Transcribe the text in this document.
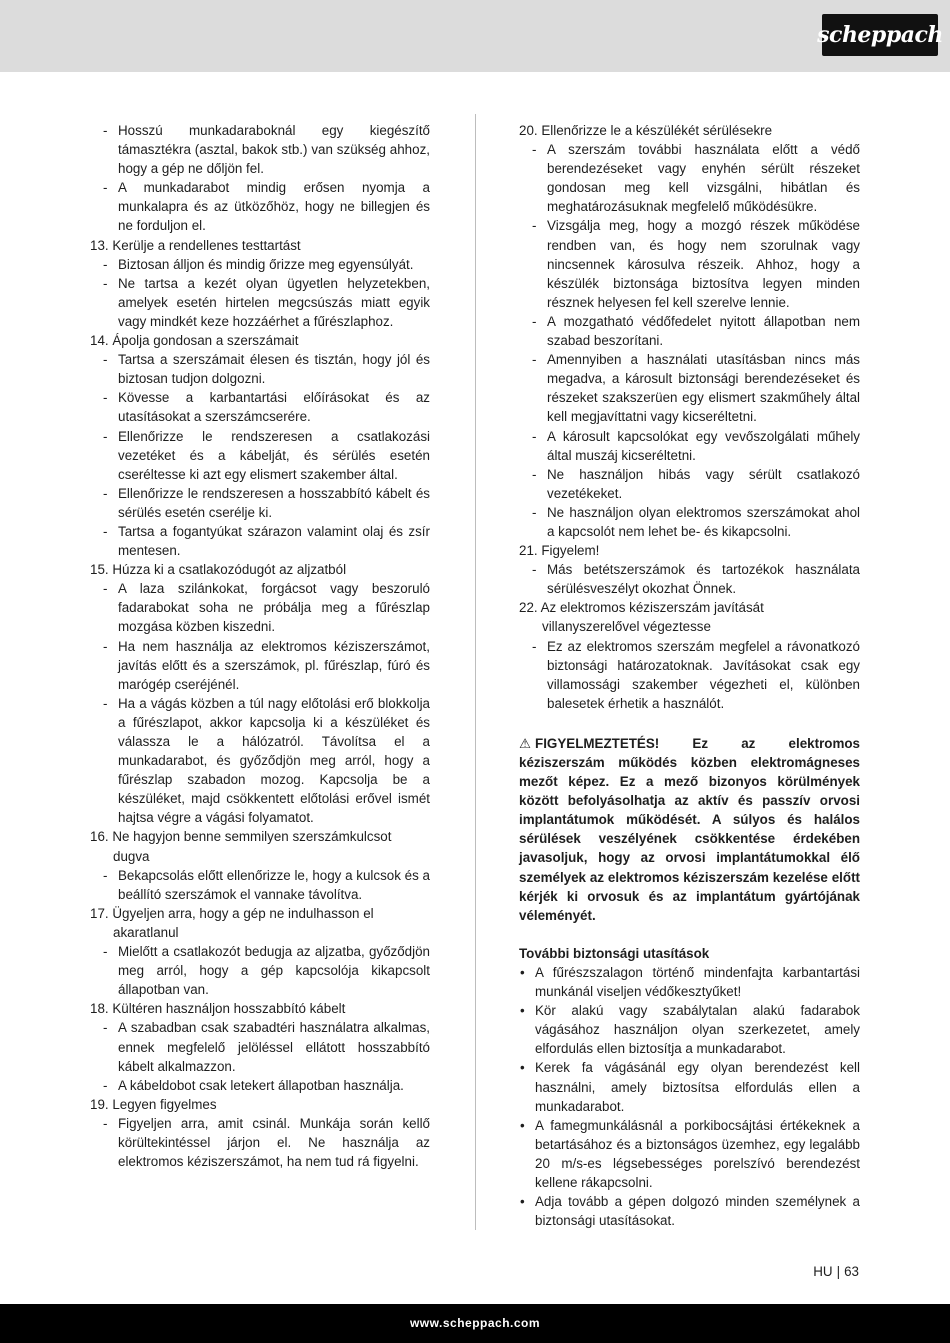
scheppach
- Hosszú munkadaraboknál egy kiegészítő támasztékra (asztal, bakok stb.) van szükség ahhoz, hogy a gép ne dőljön fel.
- A munkadarabot mindig erősen nyomja a munkalapra és az ütközőhöz, hogy ne billegjen és ne forduljon el.
13. Kerülje a rendellenes testtartást
- Biztosan álljon és mindig őrizze meg egyensúlyát.
- Ne tartsa a kezét olyan ügyetlen helyzetekben, amelyek esetén hirtelen megcsúszás miatt egyik vagy mindkét keze hozzáérhet a fűrészlaphoz.
14. Ápolja gondosan a szerszámait
- Tartsa a szerszámait élesen és tisztán, hogy jól és biztosan tudjon dolgozni.
- Kövesse a karbantartási előírásokat és az utasításokat a szerszámcserére.
- Ellenőrizze le rendszeresen a csatlakozási vezetéket és a kábelját, és sérülés esetén cseréltesse ki azt egy elismert szakember által.
- Ellenőrizze le rendszeresen a hosszabbító kábelt és sérülés esetén cserélje ki.
- Tartsa a fogantyúkat szárazon valamint olaj és zsír mentesen.
15. Húzza ki a csatlakozódugót az aljzatból
- A laza szilánkokat, forgácsot vagy beszoruló fadarabokat soha ne próbálja meg a fűrészlap mozgása közben kiszedni.
- Ha nem használja az elektromos kéziszerszámot, javítás előtt és a szerszámok, pl. fűrészlap, fúró és marógép cseréjénél.
- Ha a vágás közben a túl nagy előtolási erő blokkolja a fűrészlapot, akkor kapcsolja ki a készüléket és válassza le a hálózatról. Távolítsa el a munkadarabot, és győződjön meg arról, hogy a fűrészlap szabadon mozog. Kapcsolja be a készüléket, majd csökkentett előtolási erővel ismét hajtsa végre a vágási folyamatot.
16. Ne hagyjon benne semmilyen szerszámkulcsot dugva
- Bekapcsolás előtt ellenőrizze le, hogy a kulcsok és a beállító szerszámok el vannake távolítva.
17. Ügyeljen arra, hogy a gép ne indulhasson el akaratlanul
- Mielőtt a csatlakozót bedugja az aljzatba, győződjön meg arról, hogy a gép kapcsolója kikapcsolt állapotban van.
18. Kültéren használjon hosszabbító kábelt
- A szabadban csak szabadtéri használatra alkalmas, ennek megfelelő jelöléssel ellátott hosszabbító kábelt alkalmazzon.
- A kábeldobot csak letekert állapotban használja.
19. Legyen figyelmes
- Figyeljen arra, amit csinál. Munkája során kellő körültekintéssel járjon el. Ne használja az elektromos kéziszerszámot, ha nem tud rá figyelni.
20. Ellenőrizze le a készülékét sérülésekre
- A szerszám további használata előtt a védő berendezéseket vagy enyhén sérült részeket gondosan meg kell vizsgálni, hibátlan és meghatározásuknak megfelelő működésükre.
- Vizsgálja meg, hogy a mozgó részek működése rendben van, és hogy nem szorulnak vagy nincsennek károsulva részeik. Ahhoz, hogy a készülék biztonsága biztosítva legyen minden résznek helyesen fel kell szerelve lennie.
- A mozgatható védőfedelet nyitott állapotban nem szabad beszorítani.
- Amennyiben a használati utasításban nincs más megadva, a károsult biztonsági berendezéseket és részeket szakszerüen egy elismert szakműhely által kell megjavíttatni vagy kicseréltetni.
- A károsult kapcsolókat egy vevőszolgálati műhely által muszáj kicseréltetni.
- Ne használjon hibás vagy sérült csatlakozó vezetékeket.
- Ne használjon olyan elektromos szerszámokat ahol a kapcsolót nem lehet be- és kikapcsolni.
21. Figyelem!
- Más betétszerszámok és tartozékok használata sérülésveszélyt okozhat Önnek.
22. Az elektromos kéziszerszám javítását villanyszerelővel végeztesse
- Ez az elektromos szerszám megfelel a rávonatkozó biztonsági határozatoknak. Javításokat csak egy villamossági szakember végezheti el, különben balesetek érhetik a használót.
⚠ FIGYELMEZTETÉS! Ez az elektromos kéziszerszám működés közben elektromágneses mezőt képez. Ez a mező bizonyos körülmények között befolyásolhatja az aktív és passzív orvosi implantátumok működését. A súlyos és halálos sérülések veszélyének csökkentése érdekében javasoljuk, hogy az orvosi implantátumokkal élő személyek az elektromos kéziszerszám kezelése előtt kérjék ki orvosuk és az implantátum gyártójának véleményét.
További biztonsági utasítások
• A fűrészszalagon történő mindenfajta karbantartási munkánál viseljen védőkesztyűket!
• Kör alakú vagy szabálytalan alakú fadarabok vágásához használjon olyan szerkezetet, amely elfordulás ellen biztosítja a munkadarabot.
• Kerek fa vágásánál egy olyan berendezést kell használni, amely biztosítsa elfordulás ellen a munkadarabot.
• A famegmunkálásnál a porkibocsájtási értékeknek a betartásához és a biztonságos üzemhez, egy legalább 20 m/s-es légsebességes porelszívó berendezést kellene rákapcsolni.
• Adja tovább a gépen dolgozó minden személynek a biztonsági utasításokat.
HU | 63
www.scheppach.com
